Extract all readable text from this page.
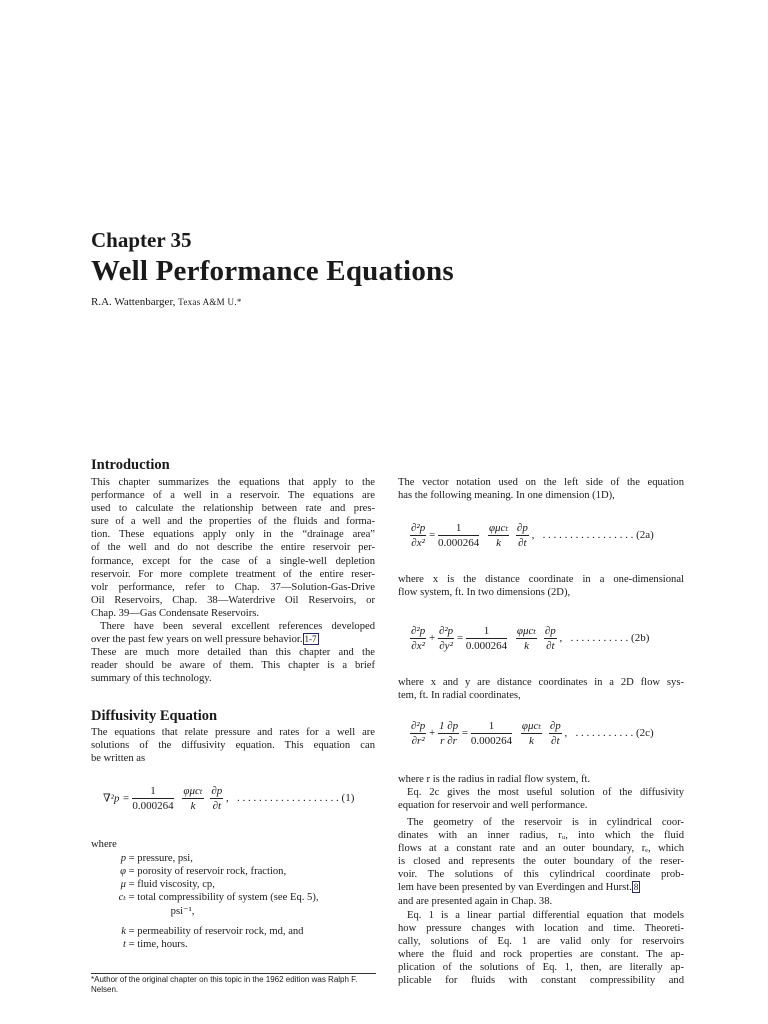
Chapter 35
Well Performance Equations
R.A. Wattenbarger, Texas A&M U.*
Introduction
This chapter summarizes the equations that apply to the
performance of a well in a reservoir. The equations are
used to calculate the relationship between rate and pres-
sure of a well and the properties of the fluids and forma-
tion. These equations apply only in the “drainage area”
of the well and do not describe the entire reservoir per-
formance, except for the case of a single-well depletion
reservoir. For more complete treatment of the entire reser-
volr performance, refer to Chap. 37—Solution-Gas-Drive
Oil Reservoirs, Chap. 38—Waterdrive Oil Reservoirs, or
Chap. 39—Gas Condensate Reservoirs.
There have been several excellent references developed
over the past few years on well pressure behavior. 1-7
These are much more detailed than this chapter and the
reader should be aware of them. This chapter is a brief
summary of this technology.
Diffusivity Equation
The equations that relate pressure and rates for a well are
solutions of the diffusivity equation. This equation can
be written as
$\nabla^2p = \frac{1}{0.000264}$
$\frac{\text{φμcₜ}}{k}$
$\frac{\partial p}{\partial t}$ ,   . . . . . . . . . . . . . . . . . . . (1)
where
p = pressure, psi,
φ = porosity of reservoir rock, fraction,
μ = fluid viscosity, cp,
cₜ = total compressibility of system (see Eq. 5),
psi⁻¹,
k = permeability of reservoir rock, md, and
t = time, hours.
*Author of the original chapter on this topic in the 1962 edition was Ralph F.
Nelsen.
The vector notation used on the left side of the equation
has the following meaning. In one dimension (1D),
$\frac{\text{∂²p}}{\text{∂x²}} = \frac{1}{0.000264}$
$\frac{\text{φμcₜ}}{k}$
$\frac{\partial p}{\partial t}$ ,   . . . . . . . . . . . . . . . . . (2a)
where x is the distance coordinate in a one-dimensional
flow system, ft. In two dimensions (2D),
$\frac{\text{∂²p}}{\text{∂x²}} + \frac{\text{∂²p}}{\text{∂y²}} = \frac{1}{0.000264}$
$\frac{\text{φμcₜ}}{k}$
$\frac{\partial p}{\partial t}$ ,   . . . . . . . . . . . (2b)
where x and y are distance coordinates in a 2D flow sys-
tem, ft. In radial coordinates,
$\frac{\text{∂²p}}{\text{∂r²}} + \frac{1 \partial p}{r \partial r} = \frac{1}{0.000264}$
$\frac{\text{φμcₜ}}{k}$
$\frac{\partial p}{\partial t}$ ,   . . . . . . . . . . . (2c)
where r is the radius in radial flow system, ft.
Eq. 2c gives the most useful solution of the diffusivity
equation for reservoir and well performance.
The geometry of the reservoir is in cylindrical coor-
dinates with an inner radius, rᵤ, into which the fluid
flows at a constant rate and an outer boundary, rₑ, which
is closed and represents the outer boundary of the reser-
voir. The solutions of this cylindrical coordinate prob-
lem have been presented by van Everdingen and Hurst. 8
and are presented again in Chap. 38.
Eq. 1 is a linear partial differential equation that models
how pressure changes with location and time. Theoreti-
cally, solutions of Eq. 1 are valid only for reservoirs
where the fluid and rock properties are constant. The ap-
plication of the solutions of Eq. 1, then, are literally ap-
plicable for fluids with constant compressibility and
